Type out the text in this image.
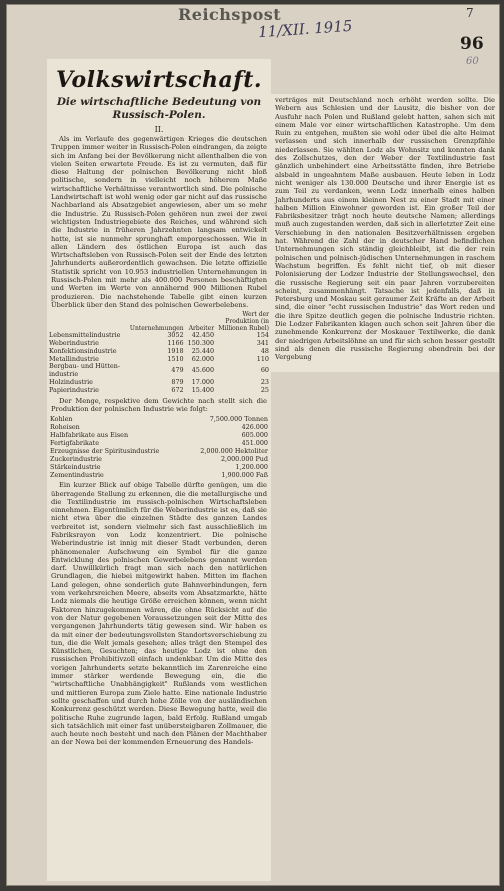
Reichspost
11/XII. 1915
7
96
60
Volkswirtschaft.
Die wirtschaftliche Bedeutung von Russisch-Polen.
II.

Als im Verlaufe des gegenwärtigen Krieges die deutschen Truppen immer weiter in Russisch-Polen eindrangen, da zeigte sich im Anfang bei der Bevölkerung nicht allenthalben die von vielen Seiten erwartete Freude. Es ist zu vermuten, daß für diese Haltung der polnischen Bevölkerung nicht bloß politische, sondern in vielleicht noch höherem Maße wirtschaftliche Verhältnisse verantwortlich sind. Die polnische Landwirtschaft ist wohl wenig oder gar nicht auf das russische Nachbarland als Absatzgebiet angewiesen, aber um so mehr die Industrie. Zu Russisch-Polen gehören nun zwei der zwei wichtigsten Industriegebiete des Reiches, und während sich die Industrie in früheren Jahrzehnten langsam entwickelt hatte, ist sie nunmehr sprunghaft emporgeschossen. Wie in allen Ländern des östlichen Europa ist auch das Wirtschaftsleben von Russisch-Polen seit der Ende des letzten Jahrhunderts außerordentlich gewachsen. Die letzte offizielle Statistik spricht von 10.953 industriellen Unternehmungen in Russisch-Polen mit mehr als 400.000 Personen beschäftigten und Werten im Werte von annähernd 900 Millionen Rubel produzieren. Die nachstehende Tabelle gibt einen kurzen Überblick über den Stand des polnischen Gewerbelebens.

	Unternehmungen	Arbeiter	Wert der Produktion (in Millionen Rubel)
Lebensmittelindustrie	3052	42.450	154
Weberindustrie	1166	150.300	341
Konfektionsindustrie	1918	25.440	48
Metallindustrie	1510	62.000	110
Bergbau- und Hütten-industrie	479	45.600	60
Holzindustrie	879	17.000	23
Papierindustrie	672	15.400	25

Der Menge, respektive dem Gewichte nach stellt sich die Produktion der polnischen Industrie wie folgt:

Kohlen	7,500.000 Tonnen
Roheisen	426.000
Halbfabrikate aus Eisen	605.000
Fertigfabrikate	451.000
Erzeugnisse der Spiritusindustrie	2,000.000 Hektoliter
Zuckerindustrie	2,000.000 Pud
Stärkeindustrie	1,200.000
Zementindustrie	1,900.000 Faß

Ein kurzer Blick auf obige Tabelle dürfte genügen, um die überragende Stellung zu erkennen, die die metallurgische und die Textilindustrie im russisch-polnischen Wirtschaftsleben einnehmen. Eigentümlich für die Weberindustrie ist es, daß sie nicht etwa über die einzelnen Städte des ganzen Landes verbreitet ist, sondern vielmehr sich fast ausschließlich im Fabriksrayon von Lodz konzentriert. Die polnische Weberindustrie ist innig mit dieser Stadt verbunden, deren phänomenaler Aufschwung ein Symbol für die ganze Entwicklung des polnischen Gewerbelebens genannt werden darf. Unwillkürlich fragt man sich nach den natürlichen Grundlagen, die hiebei mitgewirkt haben. Mitten im flachen Land gelegen, ohne sonderlich gute Bahnverbindungen, fern vom verkehrsreichen Meere, abseits vom Absatzmarkte, hätte Lodz niemals die heutige Größe erreichen können, wenn nicht Faktoren hinzugekommen wären, die ohne Rücksicht auf die von der Natur gegebenen Voraussetzungen seit der Mitte des vergangenen Jahrhunderts tätig gewesen sind. Wir haben es da mit einer der bedeutungsvollsten Standortsverschiebung zu tun, die die Welt jemals gesehen; alles trägt den Stempel des Künstlichen, Gesuchten; das heutige Lodz ist ohne den russischen Prohibitivzoll einfach undenkbar. Um die Mitte des vorigen Jahrhunderts setzte bekanntlich im Zarenreiche eine immer stärker werdende Bewegung ein, die die "wirtschaftliche Unabhängigkeit" Rußlands vom westlichen und mittleren Europa zum Ziele hatte. Eine nationale Industrie sollte geschaffen und durch hohe Zölle von der ausländischen Konkurrenz geschützt werden. Diese Bewegung hatte, weil die politische Ruhe zugrunde lagen, bald Erfolg. Rußland umgab sich tatsächlich mit einer fast unübersteigbaren Zollmauer, die auch heute noch besteht und nach den Plänen der Machthaber an der Newa bei der kommenden Erneuerung des Handels-

verträges mit Deutschland noch erhöht werden sollte. Die Webern aus Schlesien und der Lausitz, die bisher von der Ausfuhr nach Polen und Rußland gelebt hatten, sahen sich mit einem Male vor einer wirtschaftlichen Katastrophe. Um dem Ruin zu entgehen, mußten sie wohl oder übel die alte Heimat verlassen und sich innerhalb der russischen Grenzpfähle niederlassen. Sie wählten Lodz als Wohnsitz und konnten dank des Zollschutzes, den der Weber der Textilindustrie fast gänzlich unbehindert eine Arbeitsstätte finden, ihre Betriebe alsbald in ungeahntem Maße ausbauen. Heute leben in Lodz nicht weniger als 130.000 Deutsche und ihrer Energie ist es zum Teil zu verdanken, wenn Lodz innerhalb eines halben Jahrhunderts aus einem kleinen Nest zu einer Stadt mit einer halben Million Einwohner geworden ist. Ein großer Teil der Fabriksbesitzer trägt noch heute deutsche Namen; allerdings muß auch zugestanden werden, daß sich in allerletzter Zeit eine Verschiebung in den nationalen Besitzverhältnissen ergeben hat. Während die Zahl der in deutscher Hand befindlichen Unternehmungen sich ständig gleichbleibt, ist die der rein polnischen und polnisch-jüdischen Unternehmungen in raschem Wachstum begriffen. Es fehlt nicht tief, ob mit dieser Polonisierung der Lodzer Industrie der Stellungswechsel, den die russische Regierung seit ein paar Jahren vorzubereiten scheint, zusammenhängt. Tatsache ist jedenfalls, daß in Petersburg und Moskau seit geraumer Zeit Kräfte an der Arbeit sind, die einer "echt russischen Industrie" das Wort reden und die ihre Spitze deutlich gegen die polnische Industrie richten. Die Lodzer Fabrikanten klagen auch schon seit Jahren über die zunehmende Konkurrenz der Moskauer Textilwerke, die dank der niedrigen Arbeitslöhne an und für sich schon besser gestellt sind als denen die russische Regierung obendrein bei der Vergebung
